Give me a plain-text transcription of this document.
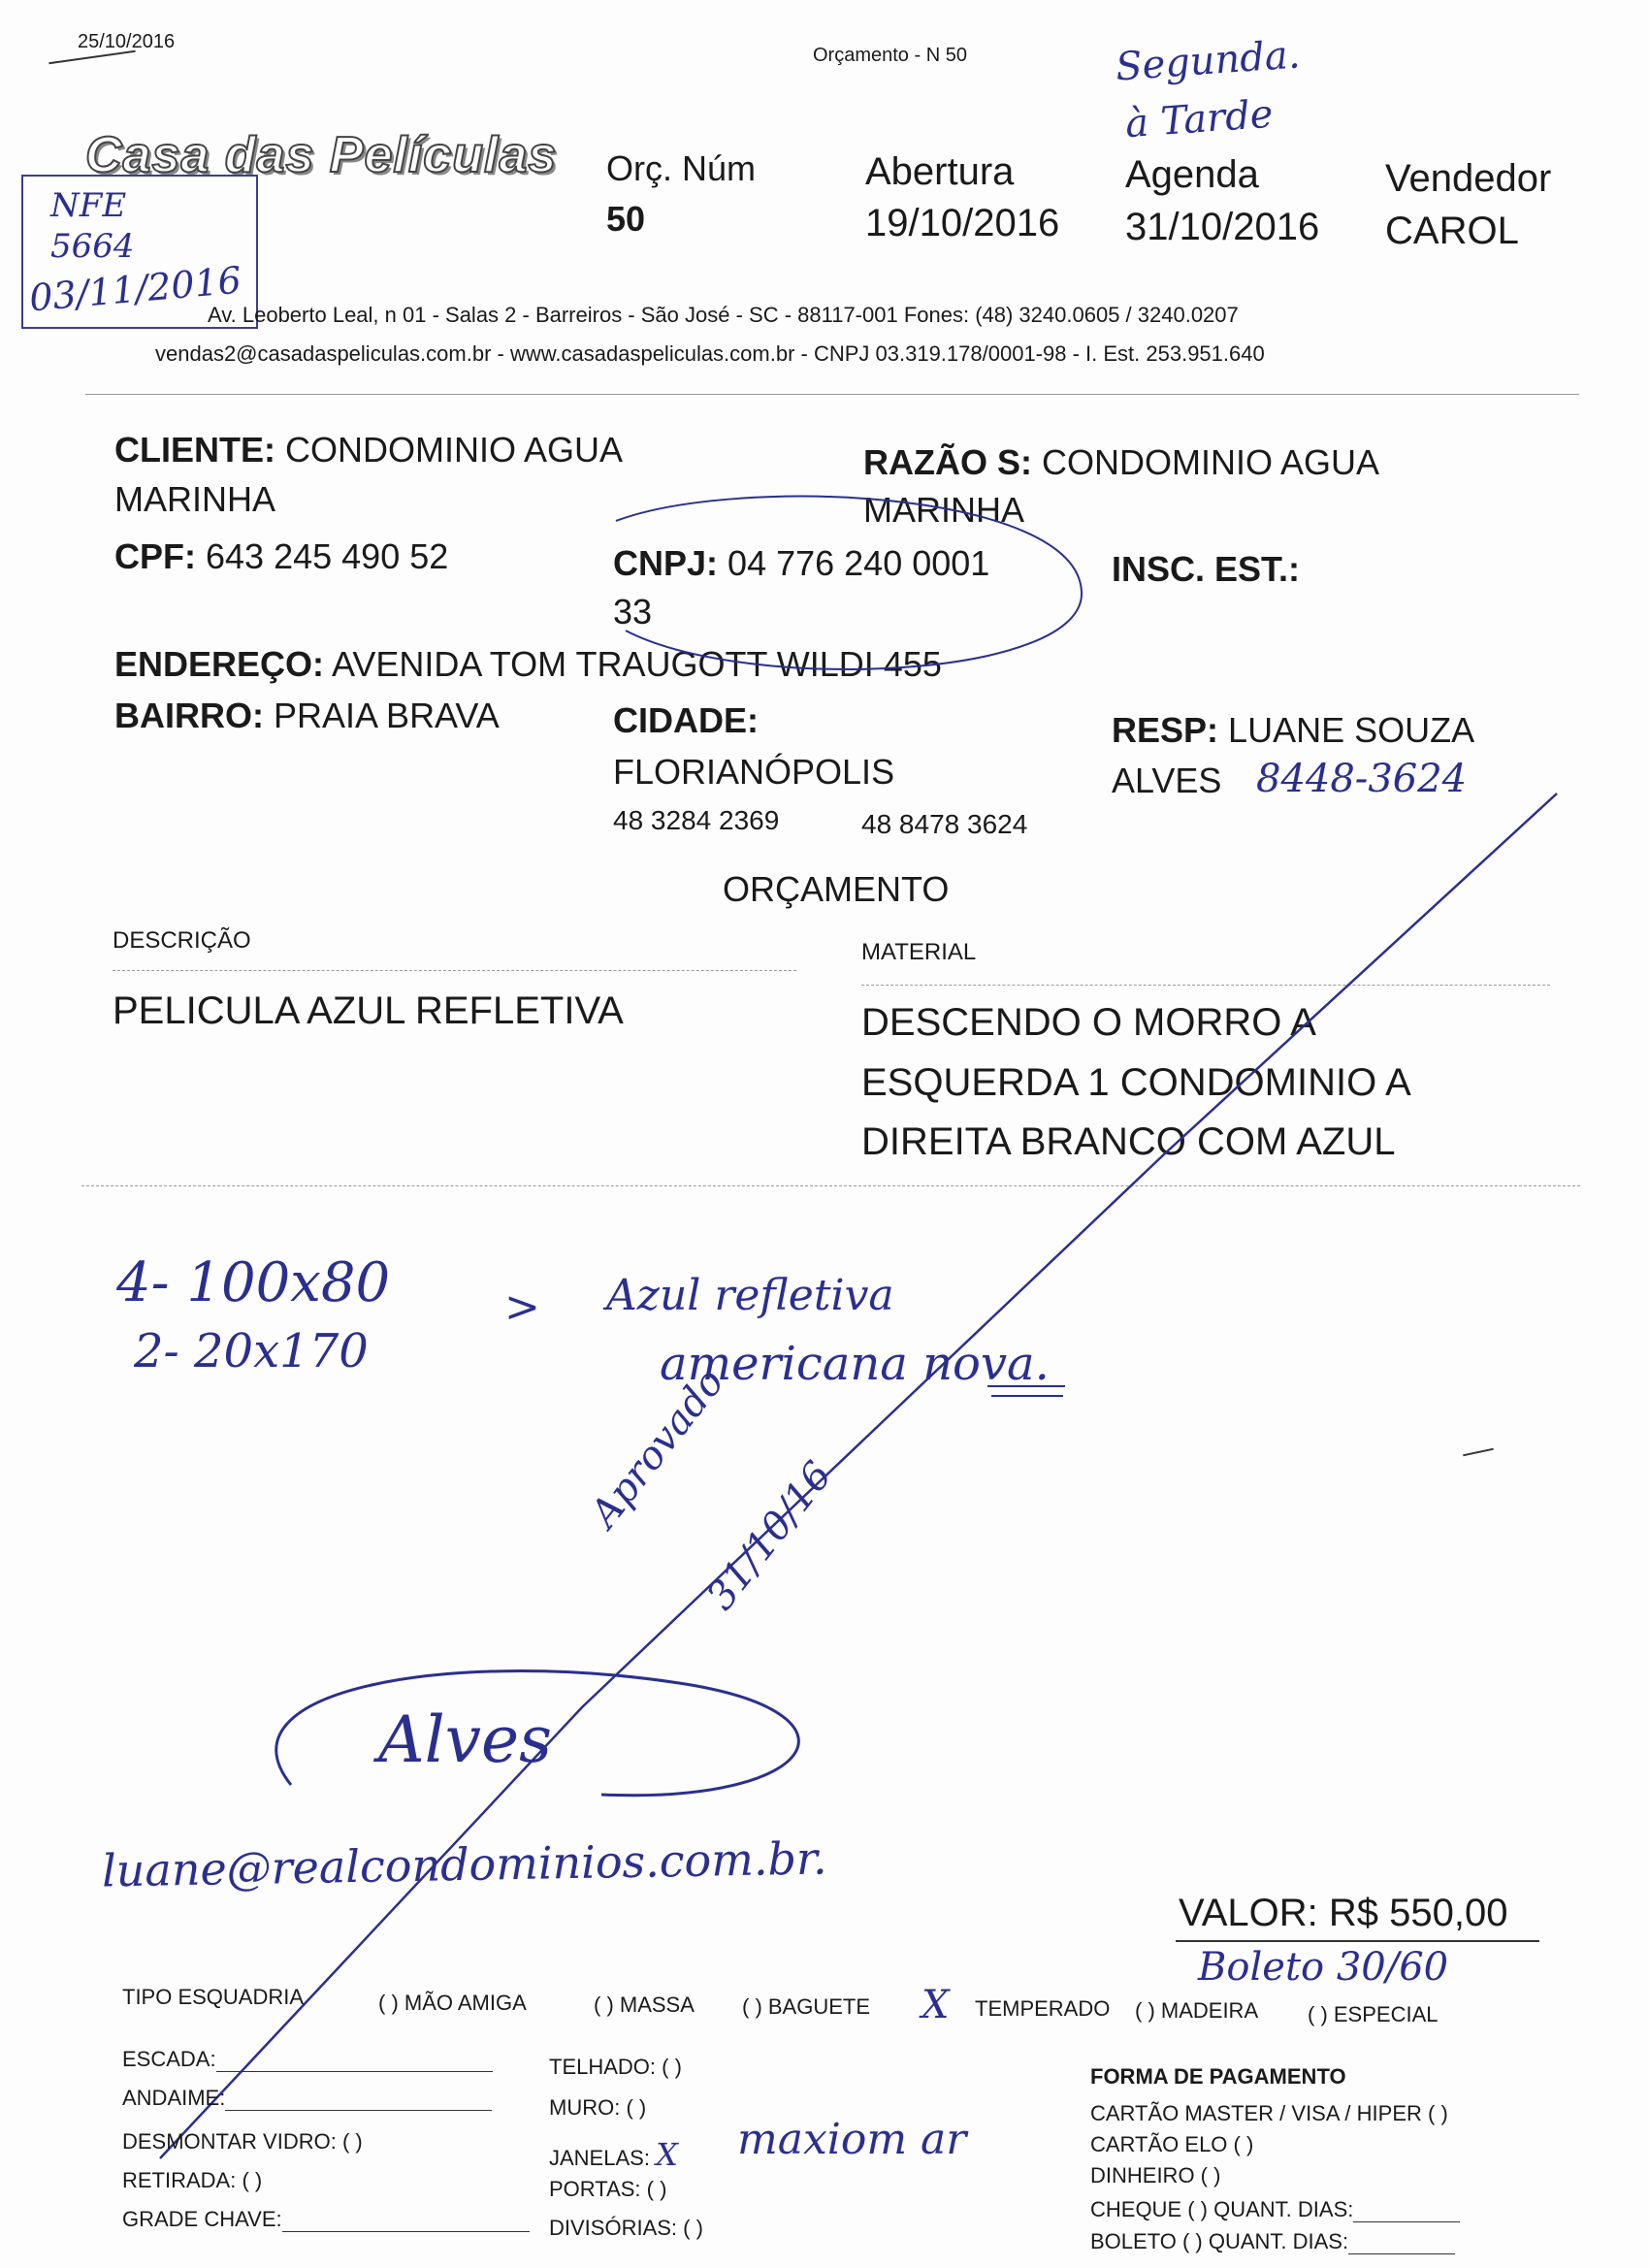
25/10/2016
Orçamento - N 50	Segunda.
à Tarde
Casa das Películas
NFE
5664
03/11/2016
Orç. Núm
50
Abertura
19/10/2016
Agenda
31/10/2016
Vendedor
CAROL
Av. Leoberto Leal, n 01 - Salas 2 - Barreiros - São José - SC - 88117-001 Fones: (48) 3240.0605 / 3240.0207
vendas2@casadaspeliculas.com.br - www.casadaspeliculas.com.br - CNPJ 03.319.178/0001-98 - I. Est. 253.951.640
CLIENTE: CONDOMINIO AGUA
MARINHA
RAZÃO S: CONDOMINIO AGUA
MARINHA
CPF: 643 245 490 52	CNPJ: 04 776 240 0001
33
INSC. EST.:
ENDEREÇO: AVENIDA TOM TRAUGOTT WILDI 455
BAIRRO: PRAIA BRAVA	CIDADE:
FLORIANÓPOLIS
RESP: LUANE SOUZA
ALVES 8448-3624
48 3284 2369	48 8478 3624
ORÇAMENTO
DESCRIÇÃO	MATERIAL
PELICULA AZUL REFLETIVA	DESCENDO O MORRO A
ESQUERDA 1 CONDOMINIO A
DIREITA BRANCO COM AZUL
4- 100x80
2- 20x170
> Azul refletiva
americana nova.
Aprovado
31/10/16
Alves
luane@realcondominios.com.br.
VALOR: R$ 550,00
Boleto 30/60
TIPO ESQUADRIA	( ) MÃO AMIGA	( ) MASSA ( ) BAGUETE X TEMPERADO ( ) MADEIRA ( ) ESPECIAL
ESCADA:
ANDAIME:
DESMONTAR VIDRO: ( )
RETIRADA: ( )
GRADE CHAVE:
TELHADO: ( )
MURO: ( )
JANELAS: X maxiom ar
PORTAS: ( )
DIVISÓRIAS: ( )
FORMA DE PAGAMENTO
CARTÃO MASTER / VISA / HIPER ( )
CARTÃO ELO ( )
DINHEIRO ( )
CHEQUE ( ) QUANT. DIAS:
BOLETO ( ) QUANT. DIAS:
